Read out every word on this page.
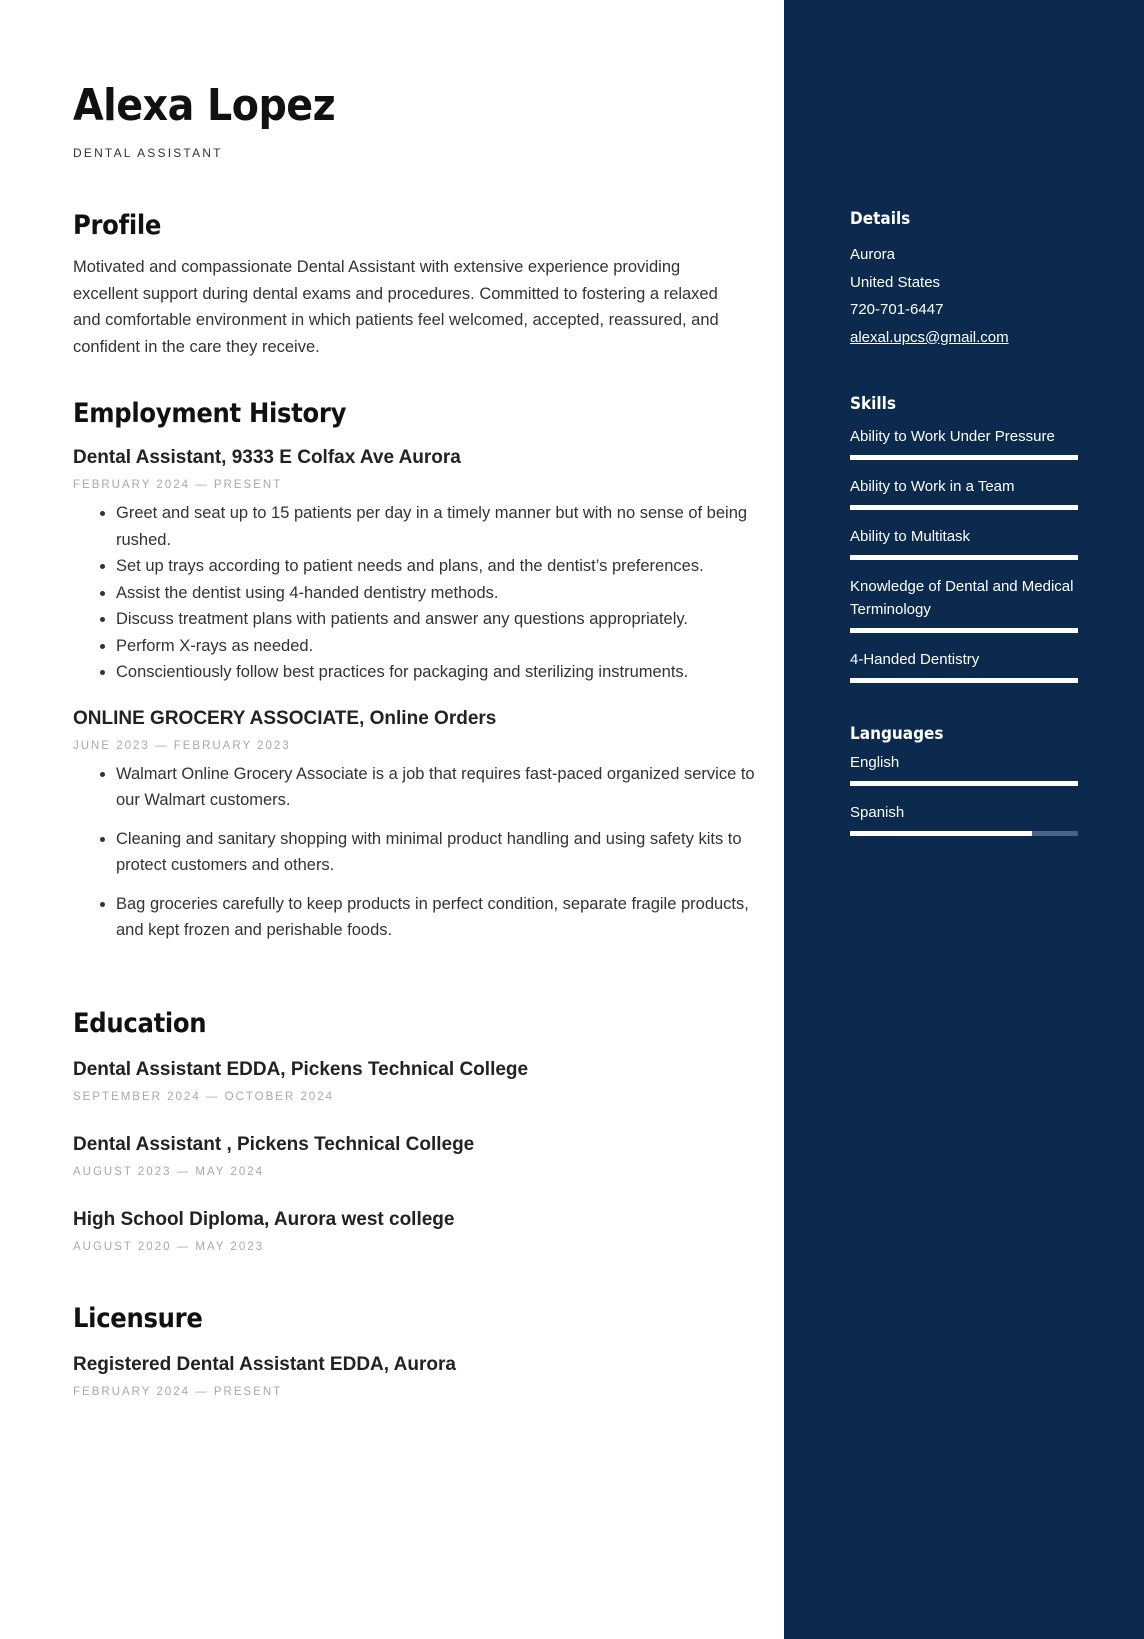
Alexa Lopez
DENTAL ASSISTANT
Profile
Motivated and compassionate Dental Assistant with extensive experience providing excellent support during dental exams and procedures. Committed to fostering a relaxed and comfortable environment in which patients feel welcomed, accepted, reassured, and confident in the care they receive.
Employment History
Dental Assistant, 9333 E Colfax Ave Aurora
FEBRUARY 2024 — PRESENT
• Greet and seat up to 15 patients per day in a timely manner but with no sense of being rushed.
• Set up trays according to patient needs and plans, and the dentist’s preferences.
• Assist the dentist using 4-handed dentistry methods.
• Discuss treatment plans with patients and answer any questions appropriately.
• Perform X-rays as needed.
• Conscientiously follow best practices for packaging and sterilizing instruments.
ONLINE GROCERY ASSOCIATE, Online Orders
JUNE 2023 — FEBRUARY 2023
• Walmart Online Grocery Associate is a job that requires fast-paced organized service to our Walmart customers.
• Cleaning and sanitary shopping with minimal product handling and using safety kits to protect customers and others.
• Bag groceries carefully to keep products in perfect condition, separate fragile products, and kept frozen and perishable foods.
Education
Dental Assistant EDDA, Pickens Technical College
SEPTEMBER 2024 — OCTOBER 2024
Dental Assistant , Pickens Technical College
AUGUST 2023 — MAY 2024
High School Diploma, Aurora west college
AUGUST 2020 — MAY 2023
Licensure
Registered Dental Assistant EDDA, Aurora
FEBRUARY 2024 — PRESENT
Details
Aurora
United States
720-701-6447
alexal.upcs@gmail.com
Skills
Ability to Work Under Pressure
Ability to Work in a Team
Ability to Multitask
Knowledge of Dental and Medical Terminology
4-Handed Dentistry
Languages
English
Spanish
